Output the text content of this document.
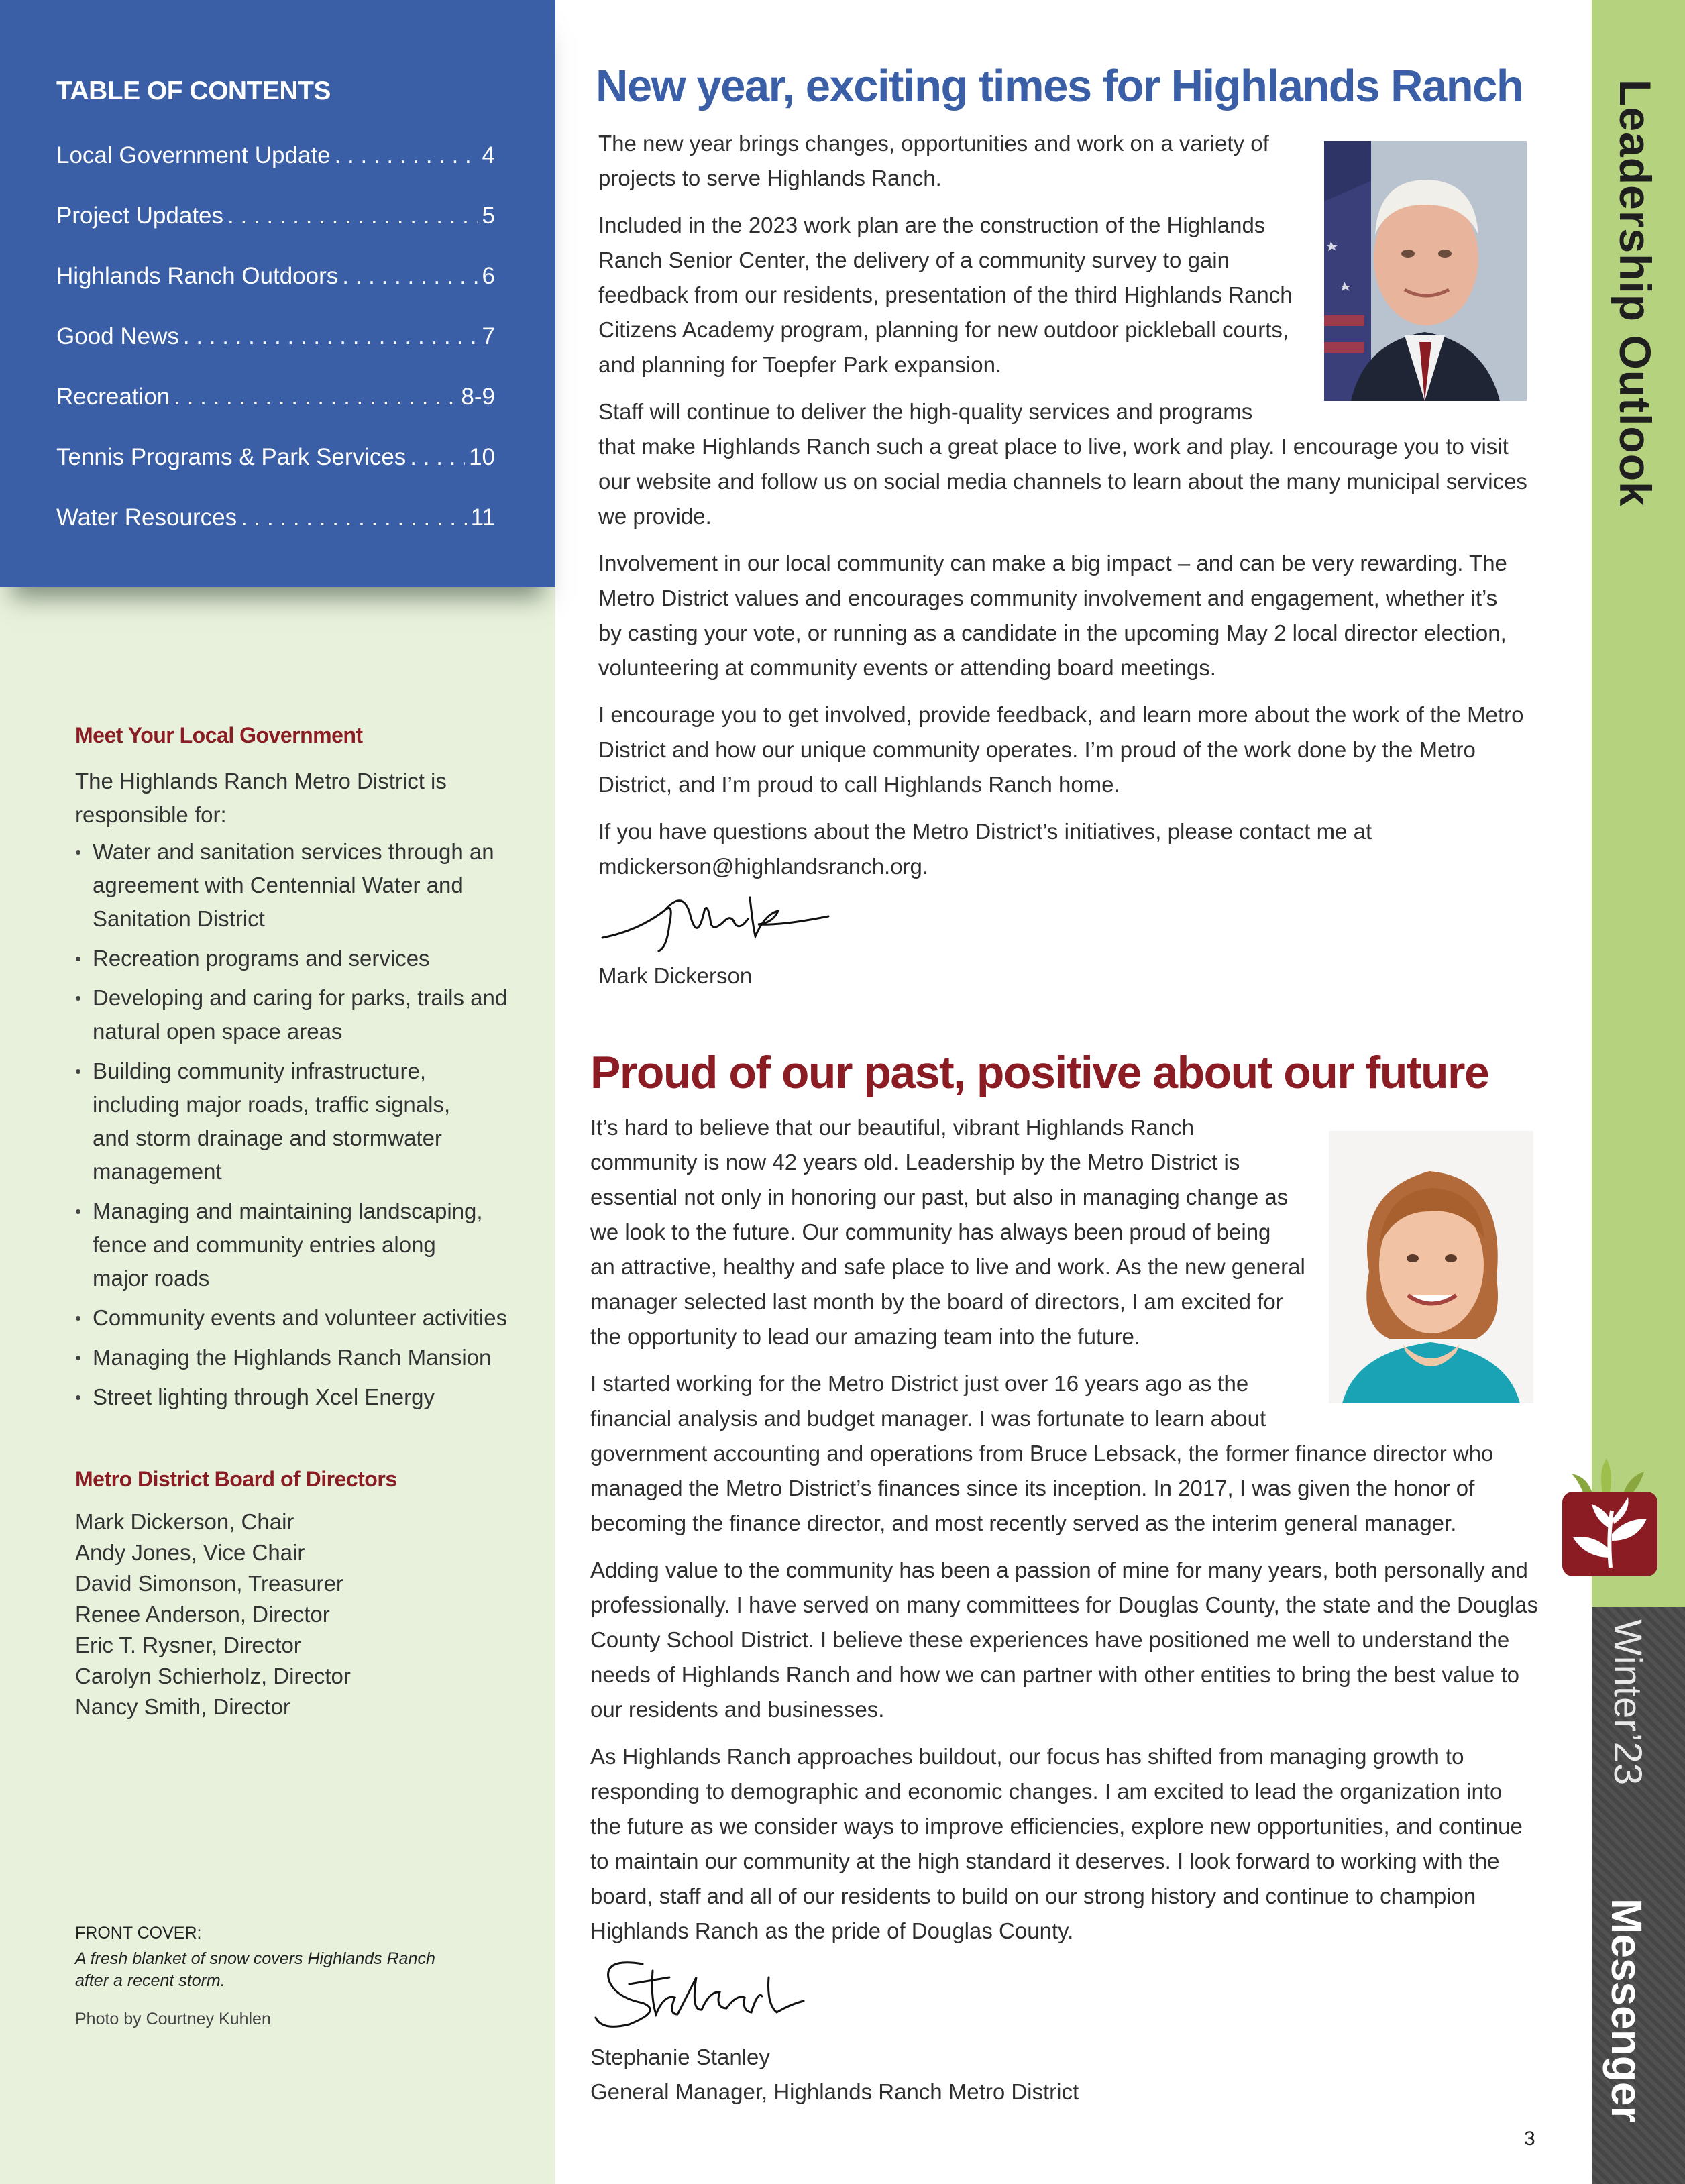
TABLE OF CONTENTS
Local Government Update . . .	4
Project Updates . . .	5
Highlands Ranch Outdoors . . .	6
Good News . . .	7
Recreation . . .	8-9
Tennis Programs & Park Services . . .	10
Water Resources . . .	11
Meet Your Local Government
The Highlands Ranch Metro District is
responsible for:
• Water and sanitation services through an
agreement with Centennial Water and
Sanitation District
• Recreation programs and services
• Developing and caring for parks, trails and
natural open space areas
• Building community infrastructure,
including major roads, traffic signals,
and storm drainage and stormwater
management
• Managing and maintaining landscaping,
fence and community entries along
major roads
• Community events and volunteer activities
• Managing the Highlands Ranch Mansion
• Street lighting through Xcel Energy
Metro District Board of Directors
Mark Dickerson, Chair
Andy Jones, Vice Chair
David Simonson, Treasurer
Renee Anderson, Director
Eric T. Rysner, Director
Carolyn Schierholz, Director
Nancy Smith, Director
FRONT COVER:
A fresh blanket of snow covers Highlands Ranch
after a recent storm.
Photo by Courtney Kuhlen
Leadership Outlook
Winter’23
Messenger
New year, exciting times for Highlands Ranch
The new year brings changes, opportunities and work on a variety of
projects to serve Highlands Ranch.
Included in the 2023 work plan are the construction of the Highlands
Ranch Senior Center, the delivery of a community survey to gain
feedback from our residents, presentation of the third Highlands Ranch
Citizens Academy program, planning for new outdoor pickleball courts,
and planning for Toepfer Park expansion.
Staff will continue to deliver the high-quality services and programs
that make Highlands Ranch such a great place to live, work and play. I encourage you to visit
our website and follow us on social media channels to learn about the many municipal services
we provide.
Involvement in our local community can make a big impact – and can be very rewarding. The
Metro District values and encourages community involvement and engagement, whether it’s
by casting your vote, or running as a candidate in the upcoming May 2 local director election,
volunteering at community events or attending board meetings.
I encourage you to get involved, provide feedback, and learn more about the work of the Metro
District and how our unique community operates. I’m proud of the work done by the Metro
District, and I’m proud to call Highlands Ranch home.
If you have questions about the Metro District’s initiatives, please contact me at
mdickerson@highlandsranch.org.
Mark Dickerson
Proud of our past, positive about our future
It’s hard to believe that our beautiful, vibrant Highlands Ranch
community is now 42 years old. Leadership by the Metro District is
essential not only in honoring our past, but also in managing change as
we look to the future. Our community has always been proud of being
an attractive, healthy and safe place to live and work. As the new general
manager selected last month by the board of directors, I am excited for
the opportunity to lead our amazing team into the future.
I started working for the Metro District just over 16 years ago as the
financial analysis and budget manager. I was fortunate to learn about
government accounting and operations from Bruce Lebsack, the former finance director who
managed the Metro District’s finances since its inception. In 2017, I was given the honor of
becoming the finance director, and most recently served as the interim general manager.
Adding value to the community has been a passion of mine for many years, both personally and
professionally. I have served on many committees for Douglas County, the state and the Douglas
County School District. I believe these experiences have positioned me well to understand the
needs of Highlands Ranch and how we can partner with other entities to bring the best value to
our residents and businesses.
As Highlands Ranch approaches buildout, our focus has shifted from managing growth to
responding to demographic and economic changes. I am excited to lead the organization into
the future as we consider ways to improve efficiencies, explore new opportunities, and continue
to maintain our community at the high standard it deserves. I look forward to working with the
board, staff and all of our residents to build on our strong history and continue to champion
Highlands Ranch as the pride of Douglas County.
Stephanie Stanley
General Manager, Highlands Ranch Metro District
3
